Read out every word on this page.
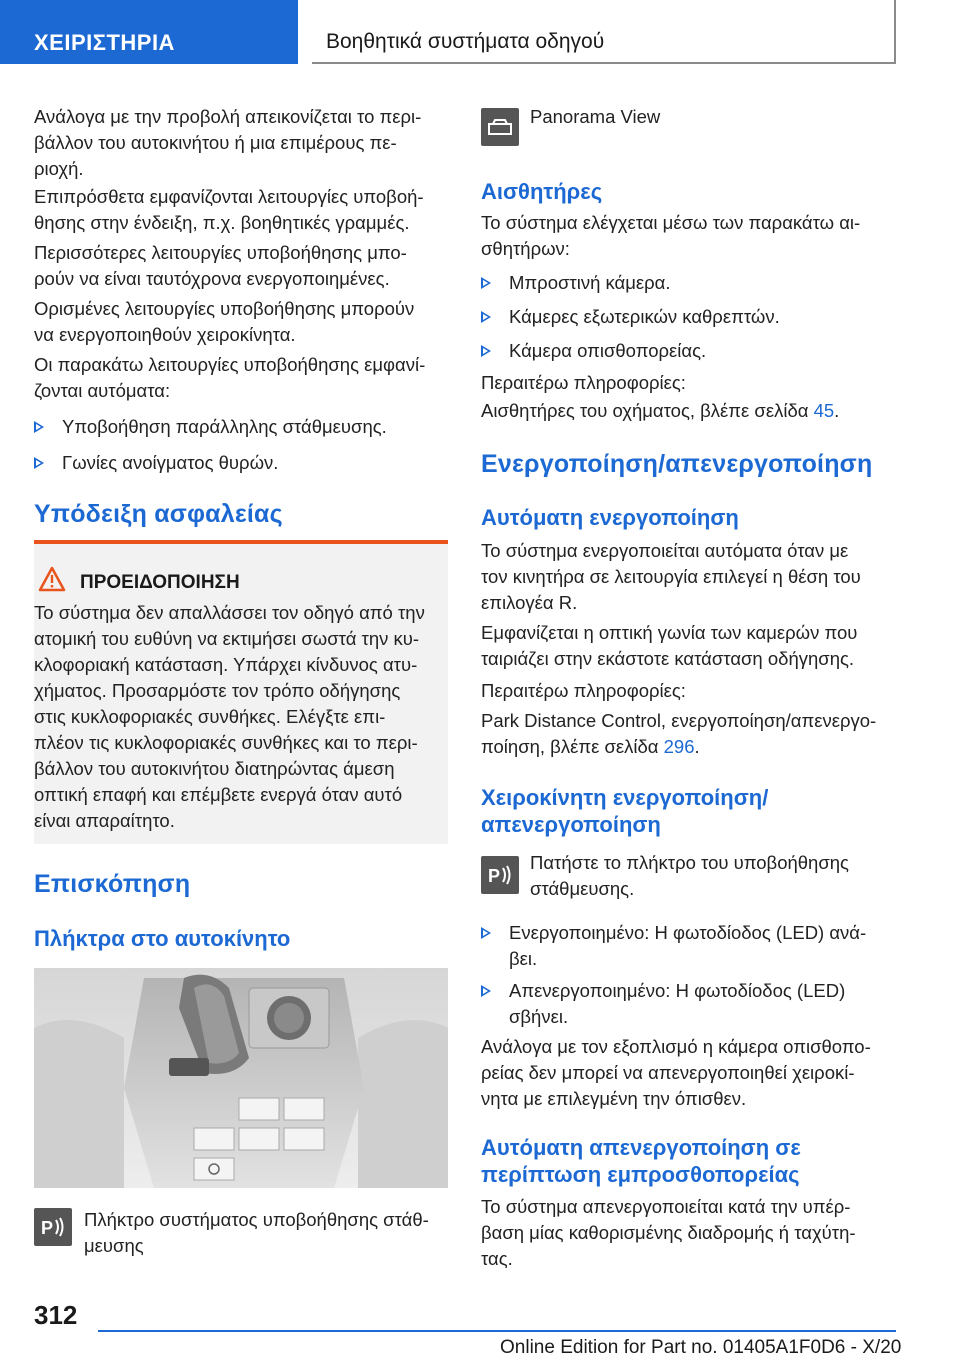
ΧΕΙΡΙΣΤΗΡΙΑ	Βοηθητικά συστήματα οδηγού
Ανάλογα με την προβολή απεικονίζεται το περι‐
βάλλον του αυτοκινήτου ή μια επιμέρους πε‐
ριοχή.
Επιπρόσθετα εμφανίζονται λειτουργίες υποβοή‐
θησης στην ένδειξη, π.χ. βοηθητικές γραμμές.
Περισσότερες λειτουργίες υποβοήθησης μπο‐
ρούν να είναι ταυτόχρονα ενεργοποιημένες.
Ορισμένες λειτουργίες υποβοήθησης μπορούν
να ενεργοποιηθούν χειροκίνητα.
Οι παρακάτω λειτουργίες υποβοήθησης εμφανί‐
ζονται αυτόματα:
Υποβοήθηση παράλληλης στάθμευσης.
Γωνίες ανοίγματος θυρών.
Υπόδειξη ασφαλείας
ΠΡΟΕΙΔΟΠΟΙΗΣΗ
Το σύστημα δεν απαλλάσσει τον οδηγό από την
ατομική του ευθύνη να εκτιμήσει σωστά την κυ‐
κλοφοριακή κατάσταση. Υπάρχει κίνδυνος ατυ‐
χήματος. Προσαρμόστε τον τρόπο οδήγησης
στις κυκλοφοριακές συνθήκες. Ελέγξτε επι‐
πλέον τις κυκλοφοριακές συνθήκες και το περι‐
βάλλον του αυτοκινήτου διατηρώντας άμεση
οπτική επαφή και επέμβετε ενεργά όταν αυτό
είναι απαραίτητο.
Επισκόπηση
Πλήκτρα στο αυτοκίνητο
P Πλήκτρο συστήματος υποβοήθησης στάθ‐
μευσης
Panorama View
Αισθητήρες
Το σύστημα ελέγχεται μέσω των παρακάτω αι‐
σθητήρων:
Μπροστινή κάμερα.
Κάμερες εξωτερικών καθρεπτών.
Κάμερα οπισθοπορείας.
Περαιτέρω πληροφορίες:
Αισθητήρες του οχήματος, βλέπε σελίδα 45.
Ενεργοποίηση/απενεργοποίηση
Αυτόματη ενεργοποίηση
Το σύστημα ενεργοποιείται αυτόματα όταν με
τον κινητήρα σε λειτουργία επιλεγεί η θέση του
επιλογέα R.
Εμφανίζεται η οπτική γωνία των καμερών που
ταιριάζει στην εκάστοτε κατάσταση οδήγησης.
Περαιτέρω πληροφορίες:
Park Distance Control, ενεργοποίηση/απενεργο‐
ποίηση, βλέπε σελίδα 296.
Χειροκίνητη ενεργοποίηση/
απενεργοποίηση
P
Πατήστε το πλήκτρο του υποβοήθησης
στάθμευσης.
Ενεργοποιημένο: Η φωτοδίοδος (LED) ανά‐
βει.
Απενεργοποιημένο: Η φωτοδίοδος (LED)
σβήνει.
Ανάλογα με τον εξοπλισμό η κάμερα οπισθοπο‐
ρείας δεν μπορεί να απενεργοποιηθεί χειροκί‐
νητα με επιλεγμένη την όπισθεν.
Αυτόματη απενεργοποίηση σε
περίπτωση εμπροσθοπορείας
Το σύστημα απενεργοποιείται κατά την υπέρ‐
βαση μίας καθορισμένης διαδρομής ή ταχύτη‐
τας.
312
Online Edition for Part no. 01405A1F0D6 - X/20
